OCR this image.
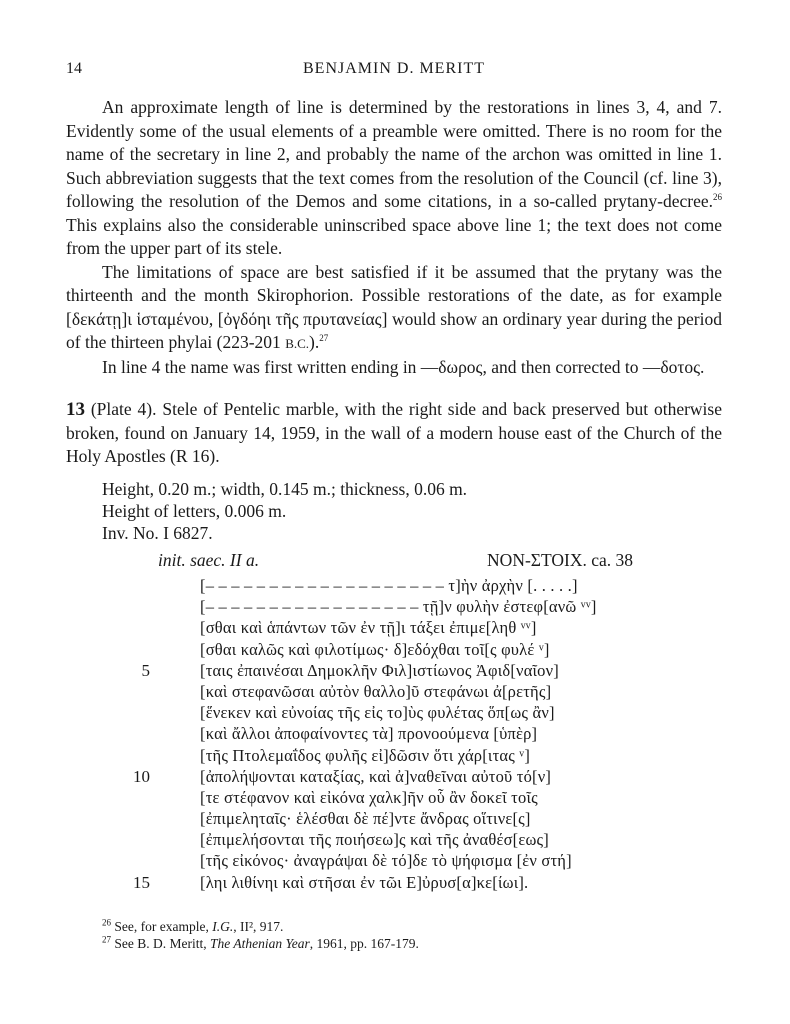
14	BENJAMIN D. MERITT

An approximate length of line is determined by the restorations in lines 3, 4, and 7. Evidently some of the usual elements of a preamble were omitted. There is no room for the name of the secretary in line 2, and probably the name of the archon was omitted in line 1. Such abbreviation suggests that the text comes from the resolution of the Council (cf. line 3), following the resolution of the Demos and some citations, in a so-called prytany-decree.$^{26}$ This explains also the considerable uninscribed space above line 1; the text does not come from the upper part of its stele.

The limitations of space are best satisfied if it be assumed that the prytany was the thirteenth and the month Skirophorion. Possible restorations of the date, as for example [δεκάτῃ]ι ἱσταμένου, [ὀγδόηι τῆς πρυτανείας] would show an ordinary year during the period of the thirteen phylai (223-201 B.C.).$^{27}$

In line 4 the name was first written ending in —δωρος, and then corrected to —δοτος.

13 (Plate 4). Stele of Pentelic marble, with the right side and back preserved but otherwise broken, found on January 14, 1959, in the wall of a modern house east of the Church of the Holy Apostles (R 16).

Height, 0.20 m.; width, 0.145 m.; thickness, 0.06 m.
Height of letters, 0.006 m.
Inv. No. I 6827.
init. saec. II a.	NON-ΣΤΟΙΧ. ca. 38
[– – – – – – – – – – – – – – – – – – – τ]ὴν ἀρχὴν [. . . . .]
[– – – – – – – – – – – – – – – – – τῇ]ν φυλὴν ἐστεφ[ανῶ ᵛᵛ]
[σθαι καὶ ἁπάντων τῶν ἐν τῇ]ι τάξει ἐπιμε[ληθ ᵛᵛ]
[σθαι καλῶς καὶ φιλοτίμως· δ]εδόχθαι τοῖ[ς φυλέ ᵛ]
5	[ταις ἐπαινέσαι Δημοκλῆν Φιλ]ιστίωνος Ἀφιδ[ναῖον]
[καὶ στεφανῶσαι αὐτὸν θαλλο]ῦ στεφάνωι ἀ[ρετῆς]
[ἕνεκεν καὶ εὐνοίας τῆς εἰς το]ὺς φυλέτας ὅπ[ως ἂν]
[καὶ ἄλλοι ἀποφαίνοντες τὰ] προνοούμενα [ὑπὲρ]
[τῆς Πτολεμαΐδος φυλῆς εἰ]δῶσιν ὅτι χάρ[ιτας ᵛ]
10	[ἀπολήψονται καταξίας, καὶ ἀ]ναθεῖναι αὐτοῦ τό[ν]
[τε στέφανον καὶ εἰκόνα χαλκ]ῆν οὗ ἂν δοκεῖ τοῖς
[ἐπιμεληταῖς· ἑλέσθαι δὲ πέ]ντε ἄνδρας οἵτινε[ς]
[ἐπιμελήσονται τῆς ποιήσεω]ς καὶ τῆς ἀναθέσ[εως]
[τῆς εἰκόνος· ἀναγράψαι δὲ τό]δε τὸ ψήφισμα [ἐν στή]
15	[ληι λιθίνηι καὶ στῆσαι ἐν τῶι Ε]ὐρυσ[α]κε[ίωι].
$^{26}$ See, for example, I.G., II², 917.
$^{27}$ See B. D. Meritt, The Athenian Year, 1961, pp. 167-179.
